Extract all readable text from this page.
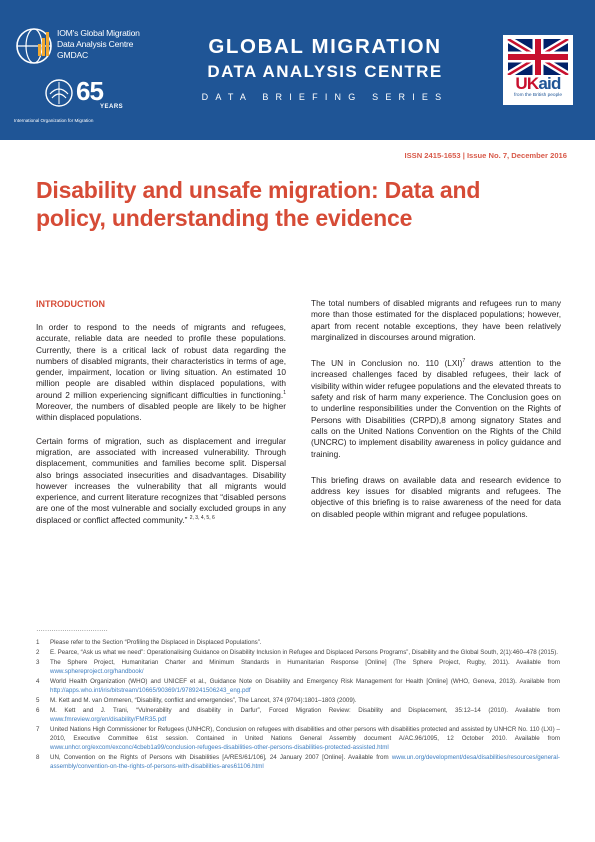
IOM's Global Migration
Data Analysis Centre
GMDAC
65
YEARS
International Organization for Migration
GLOBAL MIGRATION
DATA ANALYSIS CENTRE
DATA BRIEFING SERIES
UKaid
from the British people
ISSN 2415-1653 | Issue No. 7, December 2016
Disability and unsafe migration: Data and policy, understanding the evidence
INTRODUCTION

In order to respond to the needs of migrants and refugees, accurate, reliable data are needed to profile these populations. Currently, there is a critical lack of robust data regarding the numbers of disabled migrants, their characteristics in terms of age, gender, impairment, location or living situation. An estimated 10 million people are disabled within displaced populations, with around 2 million experiencing significant difficulties in functioning.$^1$ Moreover, the numbers of disabled people are likely to be higher within displaced populations.

Certain forms of migration, such as displacement and irregular migration, are associated with increased vulnerability. Through displacement, communities and families become split. Dispersal also brings associated insecurities and disadvantages. Disability however increases the vulnerability that all migrants would experience, and current literature recognizes that “disabled persons are one of the most vulnerable and socially excluded groups in any displaced or conflict affected community.” $^{2, 3, 4, 5, 6}$

The total numbers of disabled migrants and refugees run to many more than those estimated for the displaced populations; however, apart from recent notable exceptions, they have been relatively marginalized in discourses around migration.

The UN in Conclusion no. 110 (LXI)$^7$ draws attention to the increased challenges faced by disabled refugees, their lack of visibility within wider refugee populations and the elevated threats to safety and risk of harm many experience. The Conclusion goes on to underline responsibilities under the Convention on the Rights of Persons with Disabilities (CRPD),8 among signatory States and calls on the United Nations Convention on the Rights of the Child (UNCRC) to implement disability awareness in policy guidance and training.

This briefing draws on available data and research evidence to address key issues for disabled migrants and refugees. The objective of this briefing is to raise awareness of the need for data on disabled people within migrant and refugee populations.

……………………………
1	Please refer to the Section “Profiling the Displaced in Displaced Populations”.
2	E. Pearce, “Ask us what we need”: Operationalising Guidance on Disability Inclusion in Refugee and Displaced Persons Programs”, Disability and the Global South, 2(1):460–478 (2015).
3	The Sphere Project, Humanitarian Charter and Minimum Standards in Humanitarian Response [Online] (The Sphere Project, Rugby, 2011). Available from www.sphereproject.org/handbook/
4	World Health Organization (WHO) and UNICEF et al., Guidance Note on Disability and Emergency Risk Management for Health [Online] (WHO, Geneva, 2013). Available from http://apps.who.int/iris/bitstream/10665/90369/1/9789241506243_eng.pdf
5	M. Kett and M. van Ommeren, “Disability, conflict and emergencies”, The Lancet, 374 (9704):1801–1803 (2009).
6	M. Kett and J. Trani, “Vulnerability and disability in Darfur”, Forced Migration Review: Disability and Displacement, 35:12–14 (2010). Available from www.fmreview.org/en/disability/FMR35.pdf
7	United Nations High Commissioner for Refugees (UNHCR), Conclusion on refugees with disabilities and other persons with disabilities protected and assisted by UNHCR No. 110 (LXI) – 2010, Executive Committee 61st session. Contained in United Nations General Assembly document A/AC.96/1095, 12 October 2010. Available from www.unhcr.org/excom/exconc/4cbeb1a99/conclusion-refugees-disabilities-other-persons-disabilities-protected-assisted.html
8	UN, Convention on the Rights of Persons with Disabilities [A/RES/61/106], 24 January 2007 [Online]. Available from www.un.org/development/desa/disabilities/resources/general-assembly/convention-on-the-rights-of-persons-with-disabilities-ares61106.html
